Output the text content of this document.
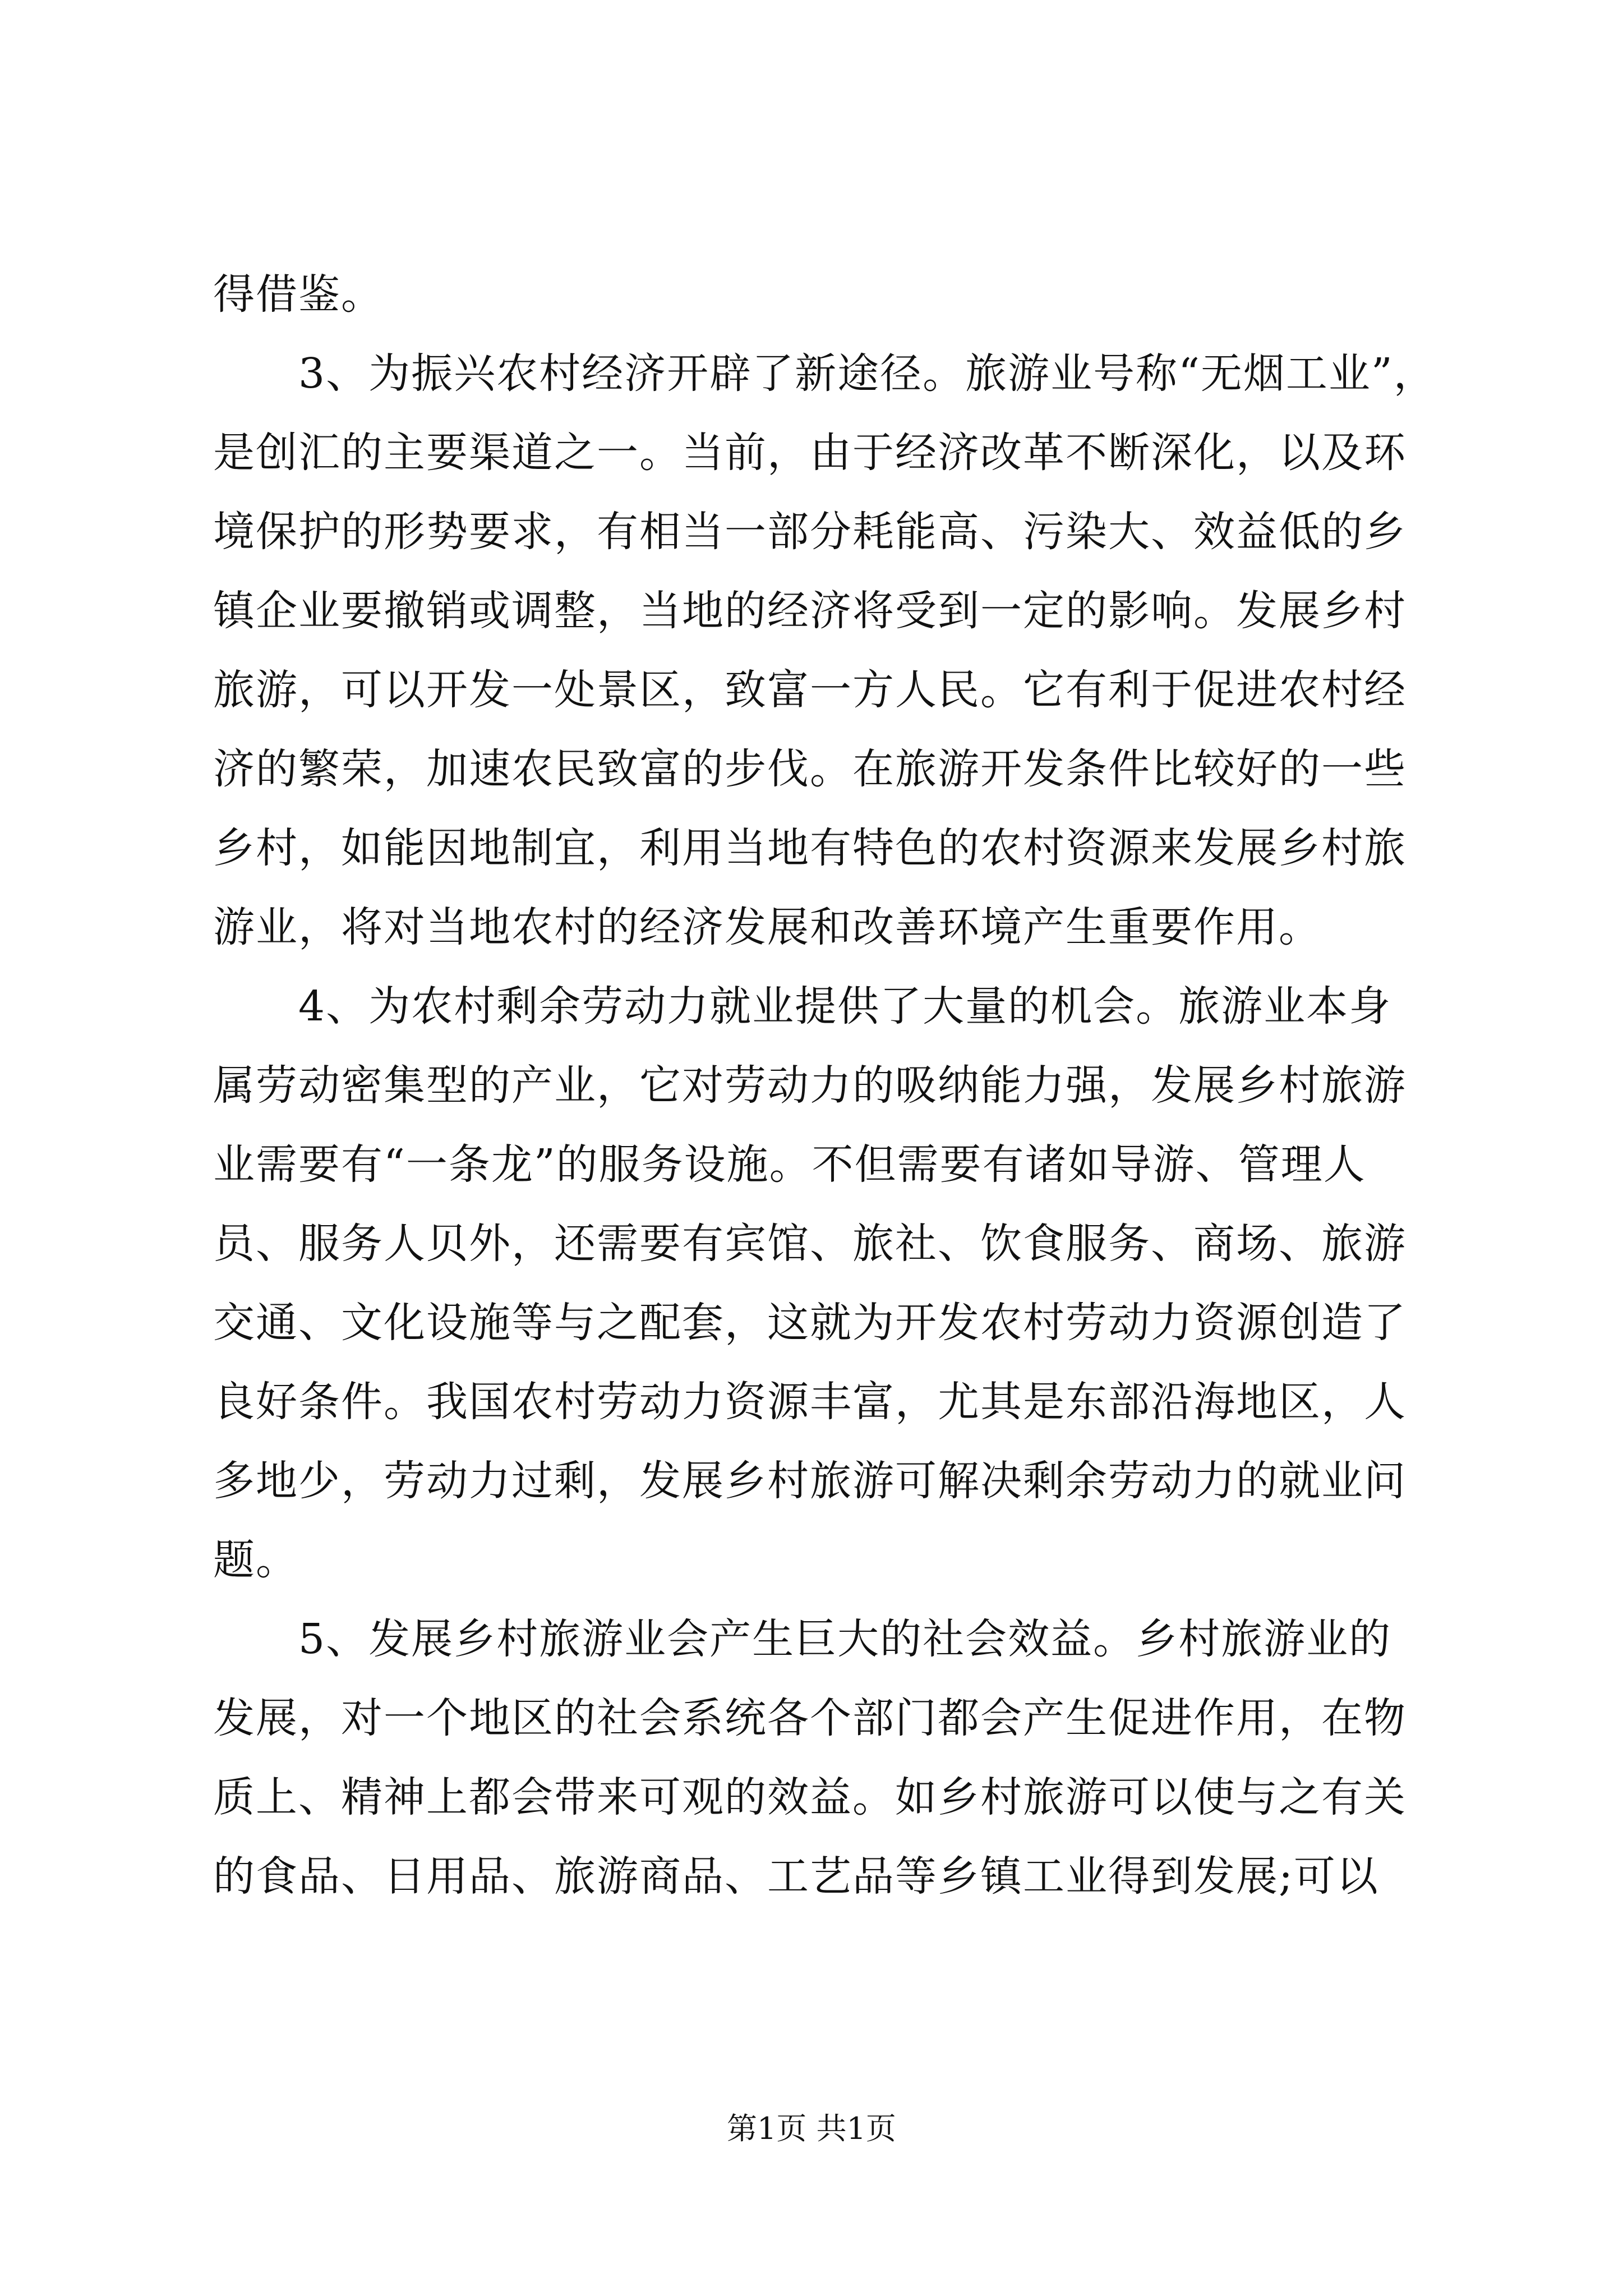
得借鉴。
　　3、为振兴农村经济开辟了新途径。旅游业号称“无烟工业”，
是创汇的主要渠道之一。当前，由于经济改革不断深化，以及环
境保护的形势要求，有相当一部分耗能高、污染大、效益低的乡
镇企业要撤销或调整，当地的经济将受到一定的影响。发展乡村
旅游，可以开发一处景区，致富一方人民。它有利于促进农村经
济的繁荣，加速农民致富的步伐。在旅游开发条件比较好的一些
乡村，如能因地制宜，利用当地有特色的农村资源来发展乡村旅
游业，将对当地农村的经济发展和改善环境产生重要作用。
　　4、为农村剩余劳动力就业提供了大量的机会。旅游业本身
属劳动密集型的产业，它对劳动力的吸纳能力强，发展乡村旅游
业需要有“一条龙”的服务设施。不但需要有诸如导游、管理人
员、服务人贝外，还需要有宾馆、旅社、饮食服务、商场、旅游
交通、文化设施等与之配套，这就为开发农村劳动力资源创造了
良好条件。我国农村劳动力资源丰富，尤其是东部沿海地区，人
多地少，劳动力过剩，发展乡村旅游可解决剩余劳动力的就业问
题。
　　5、发展乡村旅游业会产生巨大的社会效益。乡村旅游业的
发展，对一个地区的社会系统各个部门都会产生促进作用，在物
质上、精神上都会带来可观的效益。如乡村旅游可以使与之有关
的食品、日用品、旅游商品、工艺品等乡镇工业得到发展;可以
第1页 共1页
